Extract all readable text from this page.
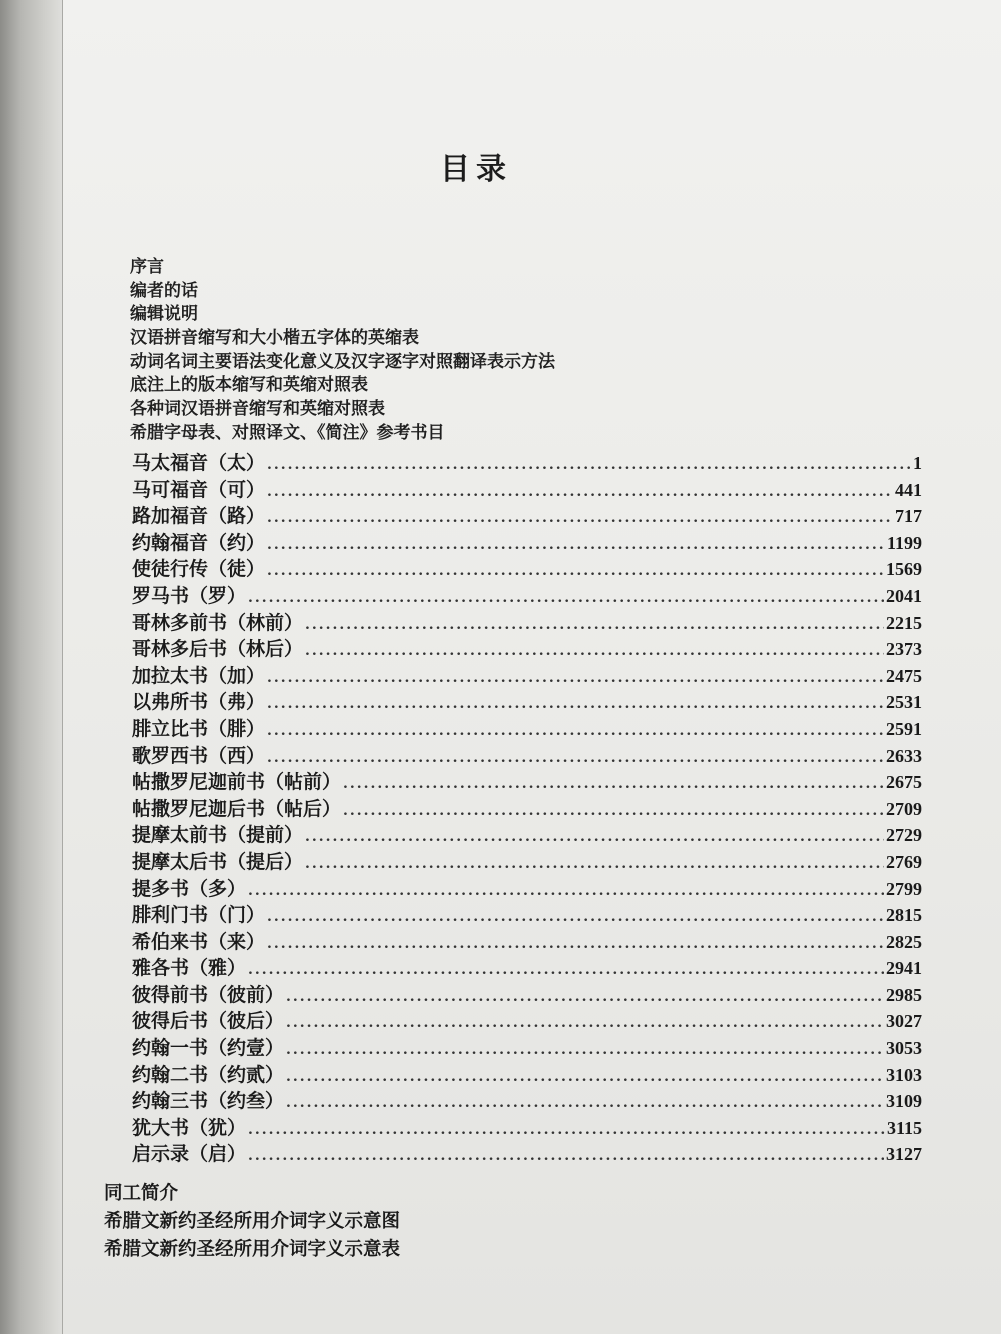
目录
序言
编者的话
编辑说明
汉语拼音缩写和大小楷五字体的英缩表
动词名词主要语法变化意义及汉字逐字对照翻译表示方法
底注上的版本缩写和英缩对照表
各种词汉语拼音缩写和英缩对照表
希腊字母表、对照译文、《简注》参考书目
马太福音（太） .....	1
马可福音（可） .....	441
路加福音（路） .....	717
约翰福音（约） .....	1199
使徒行传（徒） .....	1569
罗马书（罗） .....	2041
哥林多前书（林前） .....	2215
哥林多后书（林后） .....	2373
加拉太书（加） .....	2475
以弗所书（弗） .....	2531
腓立比书（腓） .....	2591
歌罗西书（西） .....	2633
帖撒罗尼迦前书（帖前） .....	2675
帖撒罗尼迦后书（帖后） .....	2709
提摩太前书（提前） .....	2729
提摩太后书（提后） .....	2769
提多书（多） .....	2799
腓利门书（门） .....	2815
希伯来书（来） .....	2825
雅各书（雅） .....	2941
彼得前书（彼前） .....	2985
彼得后书（彼后） .....	3027
约翰一书（约壹） .....	3053
约翰二书（约贰） .....	3103
约翰三书（约叁） .....	3109
犹大书（犹） .....	3115
启示录（启） .....	3127
同工简介
希腊文新约圣经所用介词字义示意图
希腊文新约圣经所用介词字义示意表
